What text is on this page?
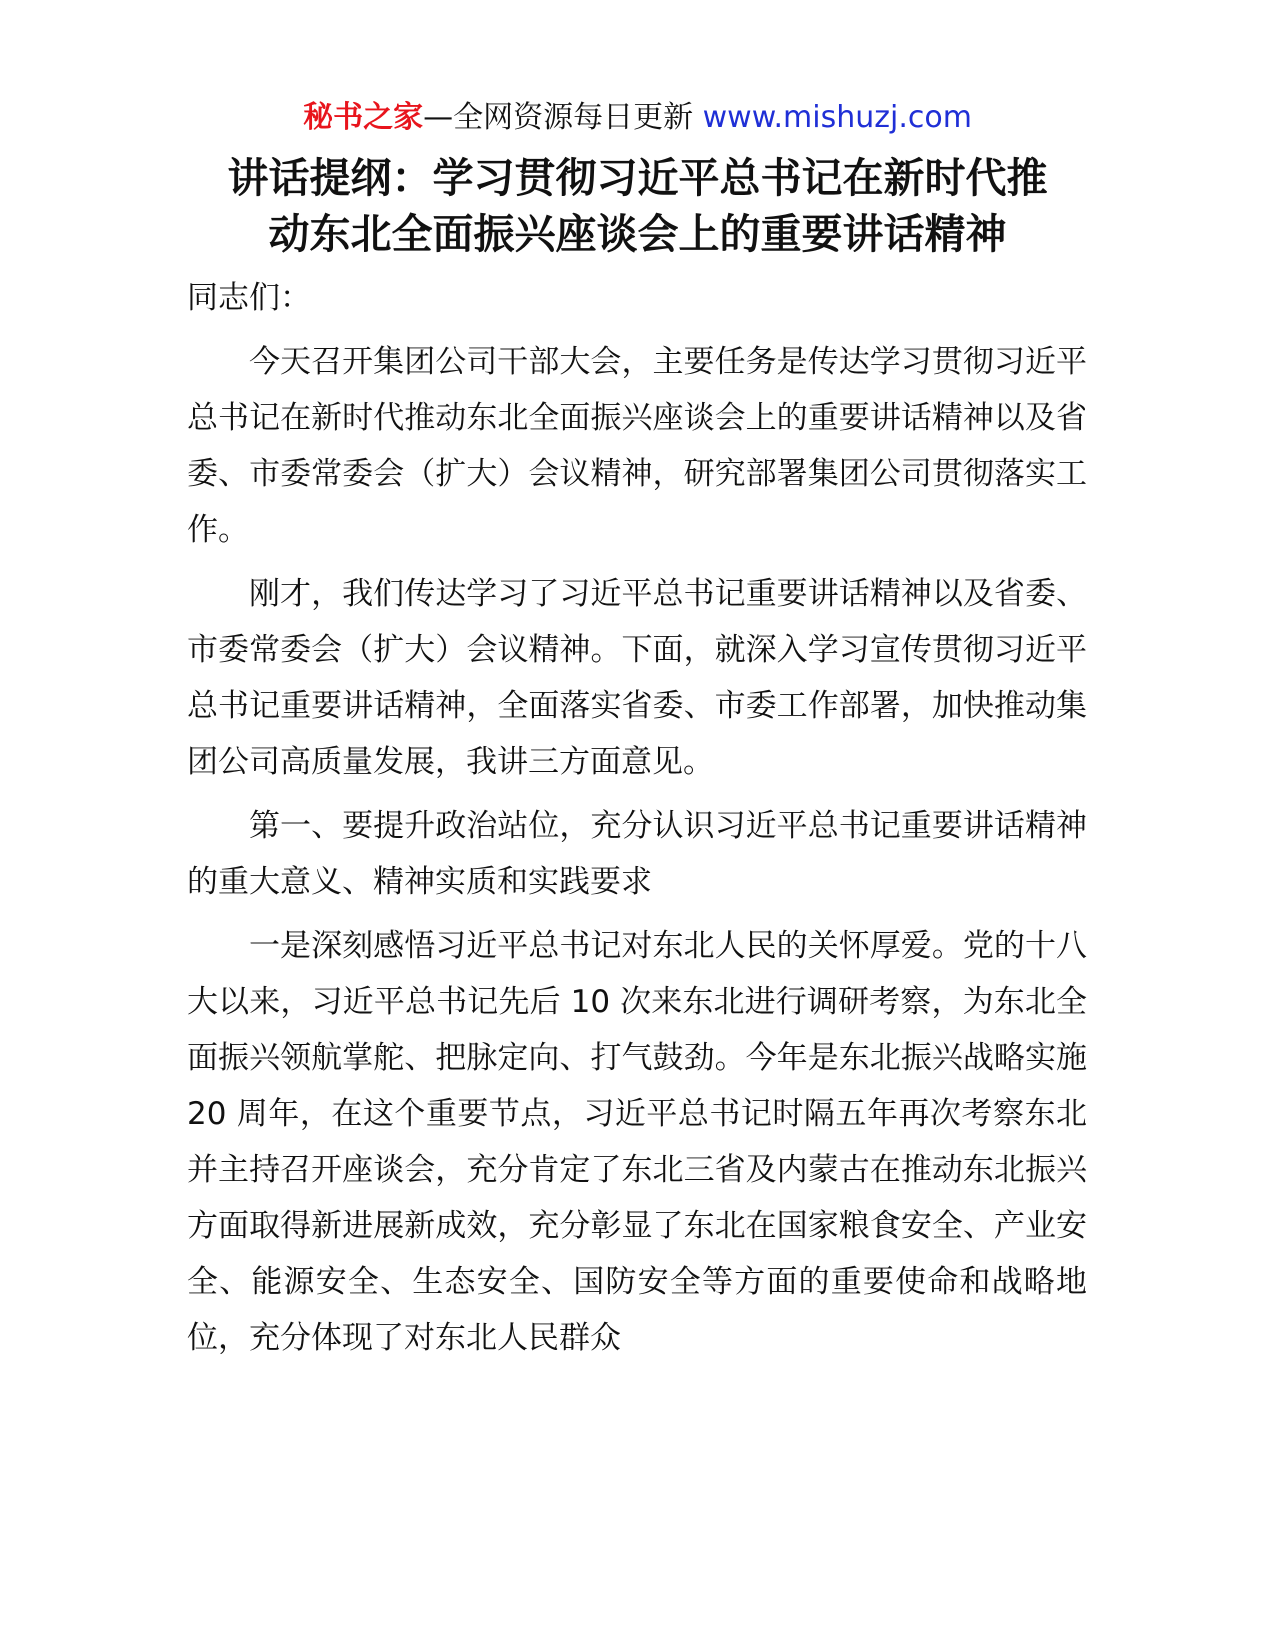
秘书之家—全网资源每日更新 www.mishuzj.com
讲话提纲：学习贯彻习近平总书记在新时代推
动东北全面振兴座谈会上的重要讲话精神

同志们：

今天召开集团公司干部大会，主要任务是传达学习贯彻习近平总书记在新时代推动东北全面振兴座谈会上的重要讲话精神以及省委、市委常委会（扩大）会议精神，研究部署集团公司贯彻落实工作。

刚才，我们传达学习了习近平总书记重要讲话精神以及省委、市委常委会（扩大）会议精神。下面，就深入学习宣传贯彻习近平总书记重要讲话精神，全面落实省委、市委工作部署，加快推动集团公司高质量发展，我讲三方面意见。

第一、要提升政治站位，充分认识习近平总书记重要讲话精神的重大意义、精神实质和实践要求

一是深刻感悟习近平总书记对东北人民的关怀厚爱。党的十八大以来，习近平总书记先后 10 次来东北进行调研考察，为东北全面振兴领航掌舵、把脉定向、打气鼓劲。今年是东北振兴战略实施 20 周年，在这个重要节点，习近平总书记时隔五年再次考察东北并主持召开座谈会，充分肯定了东北三省及内蒙古在推动东北振兴方面取得新进展新成效，充分彰显了东北在国家粮食安全、产业安全、能源安全、生态安全、国防安全等方面的重要使命和战略地位，充分体现了对东北人民群众
